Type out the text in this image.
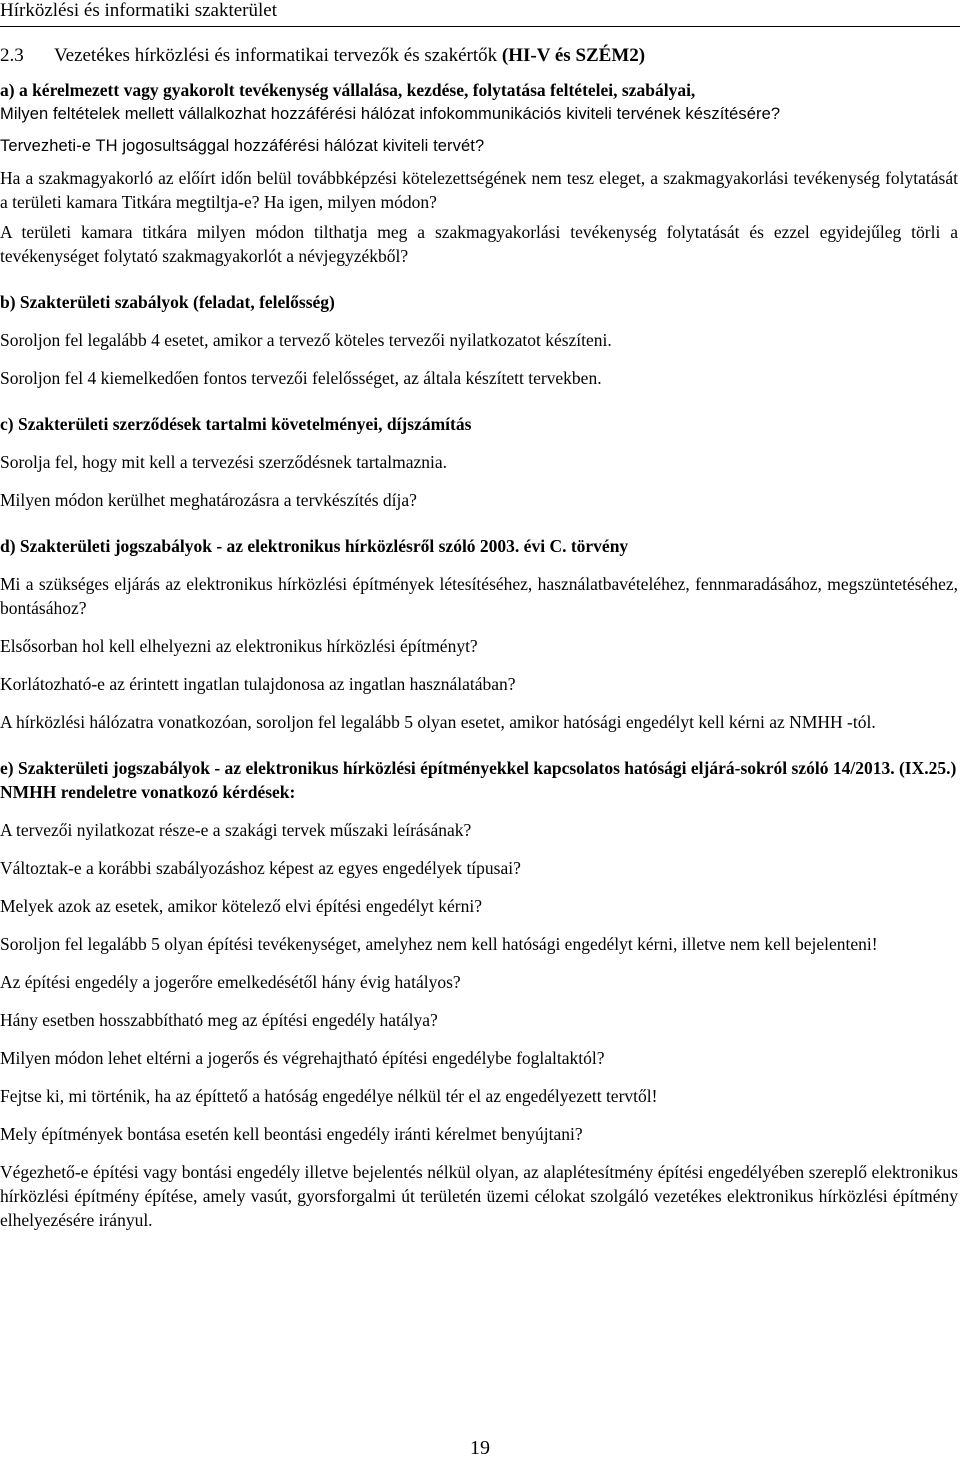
Hírközlési és informatiki szakterület
2.3	Vezetékes hírközlési és informatikai tervezők és szakértők (HI-V és SZÉM2)

a) a kérelmezett vagy gyakorolt tevékenység vállalása, kezdése, folytatása feltételei, szabályai,

Milyen feltételek mellett vállalkozhat hozzáférési hálózat infokommunikációs kiviteli tervének készítésére?

Tervezheti-e TH jogosultsággal hozzáférési hálózat kiviteli tervét?

Ha a szakmagyakorló az előírt időn belül továbbképzési kötelezettségének nem tesz eleget, a szakmagyakorlási tevékenység folytatását a területi kamara Titkára megtiltja-e? Ha igen, milyen módon?

A területi kamara titkára milyen módon tilthatja meg a szakmagyakorlási tevékenység folytatását és ezzel egyidejűleg törli a tevékenységet folytató szakmagyakorlót a névjegyzékből?

b) Szakterületi szabályok (feladat, felelősség)

Soroljon fel legalább 4 esetet, amikor a tervező köteles tervezői nyilatkozatot készíteni.

Soroljon fel 4 kiemelkedően fontos tervezői felelősséget, az általa készített tervekben.

c) Szakterületi szerződések tartalmi követelményei, díjszámítás

Sorolja fel, hogy mit kell a tervezési szerződésnek tartalmaznia.

Milyen módon kerülhet meghatározásra a tervkészítés díja?

d) Szakterületi jogszabályok - az elektronikus hírközlésről szóló 2003. évi C. törvény

Mi a szükséges eljárás az elektronikus hírközlési építmények létesítéséhez, használatbavételéhez, fennmaradásához, megszüntetéséhez, bontásához?

Elsősorban hol kell elhelyezni az elektronikus hírközlési építményt?

Korlátozható-e az érintett ingatlan tulajdonosa az ingatlan használatában?

A hírközlési hálózatra vonatkozóan, soroljon fel legalább 5 olyan esetet, amikor hatósági engedélyt kell kérni az NMHH -tól.

e) Szakterületi jogszabályok - az elektronikus hírközlési építményekkel kapcsolatos hatósági eljárá-sokról szóló 14/2013. (IX.25.) NMHH rendeletre vonatkozó kérdések:

A tervezői nyilatkozat része-e a szakági tervek műszaki leírásának?

Változtak-e a korábbi szabályozáshoz képest az egyes engedélyek típusai?

Melyek azok az esetek, amikor kötelező elvi építési engedélyt kérni?

Soroljon fel legalább 5 olyan építési tevékenységet, amelyhez nem kell hatósági engedélyt kérni, illetve nem kell bejelenteni!

Az építési engedély a jogerőre emelkedésétől hány évig hatályos?

Hány esetben hosszabbítható meg az építési engedély hatálya?

Milyen módon lehet eltérni a jogerős és végrehajtható építési engedélybe foglaltaktól?

Fejtse ki, mi történik, ha az építtető a hatóság engedélye nélkül tér el az engedélyezett tervtől!

Mely építmények bontása esetén kell beontási engedély iránti kérelmet benyújtani?

Végezhető-e építési vagy bontási engedély illetve bejelentés nélkül olyan, az alaplétesítmény építési engedélyében szereplő elektronikus hírközlési építmény építése, amely vasút, gyorsforgalmi út területén üzemi célokat szolgáló vezetékes elektronikus hírközlési építmény elhelyezésére irányul.

19
